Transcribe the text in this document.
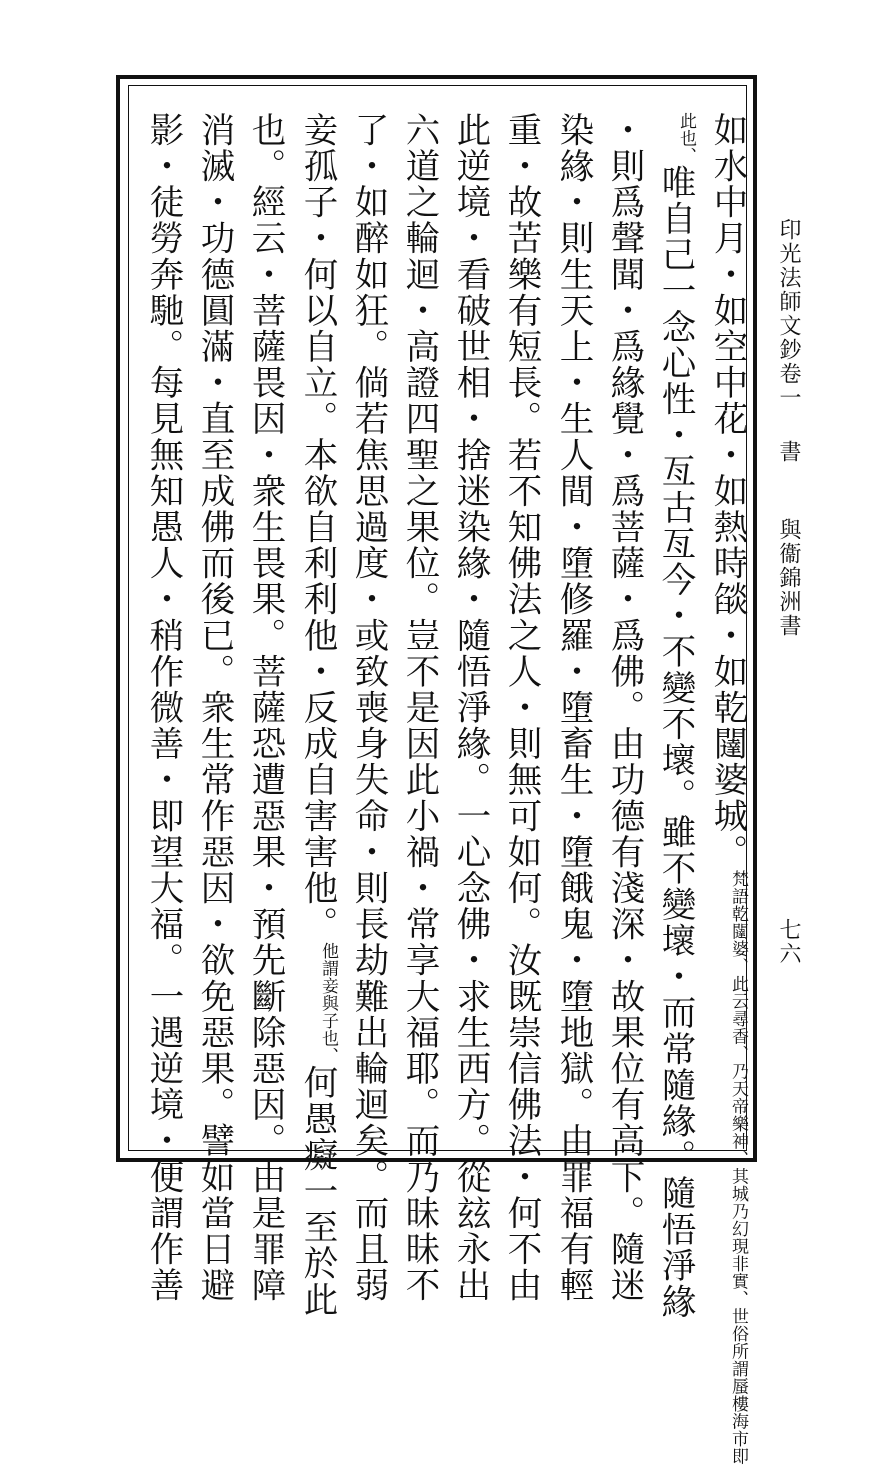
印光法師文鈔卷一
書
與衞錦洲書
七六
如水中月・如空中花・如熱時燄・如乾闥婆城。梵語乾闥婆、此云尋香、乃天帝樂神、其城乃幻現非實、世俗所謂蜃樓海市即
此也、唯自己一念心性・亙古亙今・不變不壞。雖不變壞・而常隨緣。隨悟淨緣
・則爲聲聞・爲緣覺・爲菩薩・爲佛。由功德有淺深・故果位有高下。隨迷
染緣・則生天上・生人間・墮修羅・墮畜生・墮餓鬼・墮地獄。由罪福有輕
重・故苦樂有短長。若不知佛法之人・則無可如何。汝既崇信佛法・何不由
此逆境・看破世相・捨迷染緣・隨悟淨緣。一心念佛・求生西方。從玆永出
六道之輪迴・高證四聖之果位。豈不是因此小禍・常享大福耶。而乃昧昧不
了・如醉如狂。倘若焦思過度・或致喪身失命・則長劫難出輪迴矣。而且弱
妾孤子・何以自立。本欲自利利他・反成自害害他。他謂妾與子也、何愚癡一至於此
也。經云・菩薩畏因・衆生畏果。菩薩恐遭惡果・預先斷除惡因。由是罪障
消滅・功德圓滿・直至成佛而後已。衆生常作惡因・欲免惡果。譬如當日避
影・徒勞奔馳。每見無知愚人・稍作微善・即望大福。一遇逆境・便謂作善
